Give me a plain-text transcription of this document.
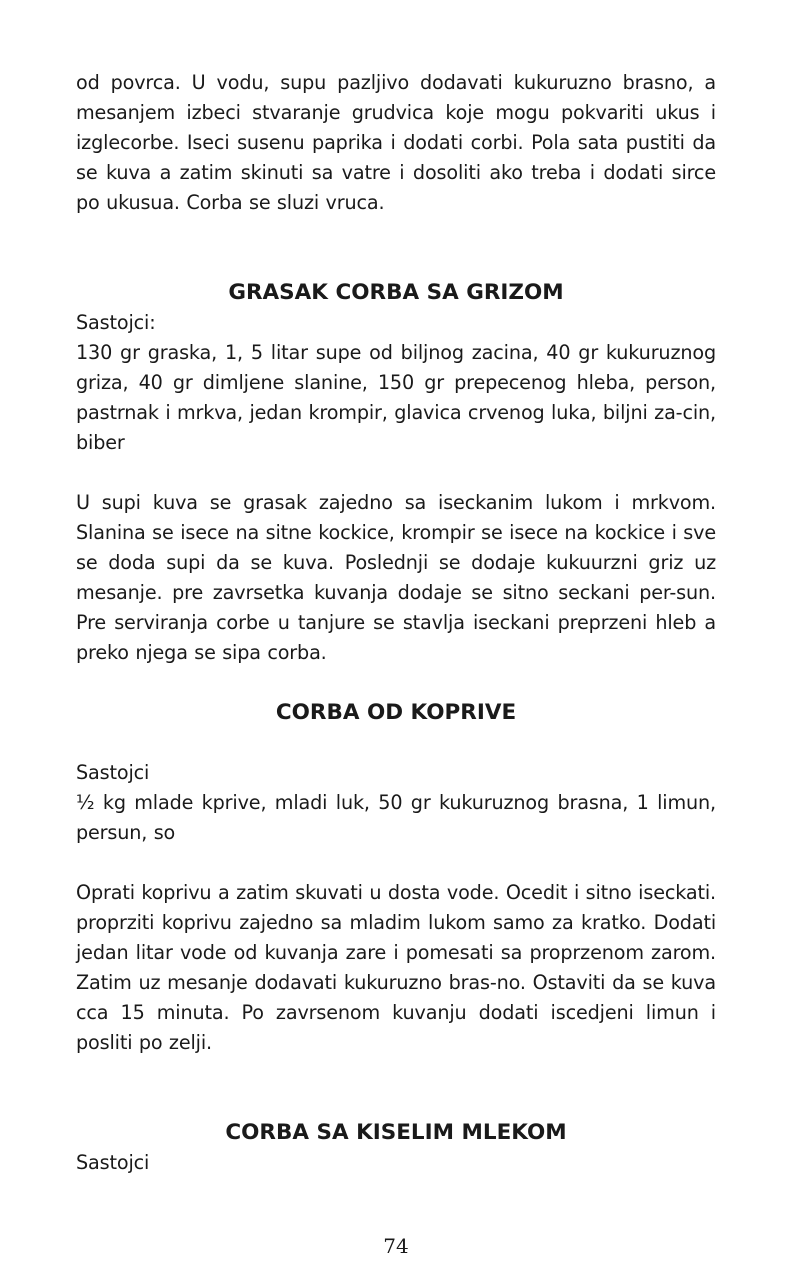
od povrca. U vodu, supu pazljivo dodavati kukuruzno brasno, a mesanjem izbeci stvaranje grudvica koje mogu pokvariti ukus i izglecorbe. Iseci susenu paprika i dodati corbi. Pola sata pustiti da se kuva a zatim skinuti sa vatre i dosoliti ako treba i dodati sirce po ukusua. Corba se sluzi vruca.

GRASAK CORBA SA GRIZOM

Sastojci:

130 gr graska, 1, 5 litar supe od biljnog zacina, 40 gr kukuruznog griza, 40 gr dimljene slanine, 150 gr prepecenog hleba, person, pastrnak i mrkva, jedan krompir, glavica crvenog luka, biljni za-cin, biber

U supi kuva se grasak zajedno sa iseckanim lukom i mrkvom. Slanina se isece na sitne kockice, krompir se isece na kockice i sve se doda supi da se kuva. Poslednji se dodaje kukuurzni griz uz mesanje. pre zavrsetka kuvanja dodaje se sitno seckani per-sun. Pre serviranja corbe u tanjure se stavlja iseckani preprzeni hleb a preko njega se sipa corba.

CORBA OD KOPRIVE

Sastojci

½ kg mlade kprive, mladi luk, 50 gr kukuruznog brasna, 1 limun, persun, so

Oprati koprivu a zatim skuvati u dosta vode. Ocedit i sitno iseckati. proprziti koprivu zajedno sa mladim lukom samo za kratko. Dodati jedan litar vode od kuvanja zare i pomesati sa proprzenom zarom. Zatim uz mesanje dodavati kukuruzno bras-no. Ostaviti da se kuva cca 15 minuta. Po zavrsenom kuvanju dodati iscedjeni limun i posliti po zelji.

CORBA SA KISELIM MLEKOM

Sastojci

74
